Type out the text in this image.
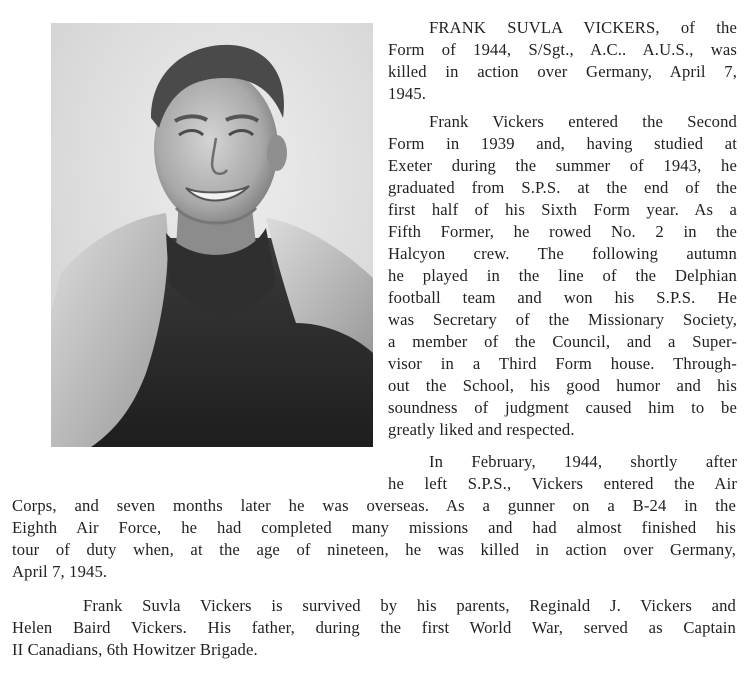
FRANK SUVLA VICKERS, of the
Form of 1944, S/Sgt., A.C.. A.U.S., was
killed in action over Germany, April 7,
1945.
Frank Vickers entered the Second
Form in 1939 and, having studied at
Exeter during the summer of 1943, he
graduated from S.P.S. at the end of the
first half of his Sixth Form year. As a
Fifth Former, he rowed No. 2 in the
Halcyon crew. The following autumn
he played in the line of the Delphian
football team and won his S.P.S. He
was Secretary of the Missionary Society,
a member of the Council, and a Super-
visor in a Third Form house. Through-
out the School, his good humor and his
soundness of judgment caused him to be
greatly liked and respected.
In February, 1944, shortly after
he left S.P.S., Vickers entered the Air
Corps, and seven months later he was overseas. As a gunner on a B-24 in the
Eighth Air Force, he had completed many missions and had almost finished his
tour of duty when, at the age of nineteen, he was killed in action over Germany,
April 7, 1945.
Frank Suvla Vickers is survived by his parents, Reginald J. Vickers and
Helen Baird Vickers. His father, during the first World War, served as Captain
II Canadians, 6th Howitzer Brigade.
